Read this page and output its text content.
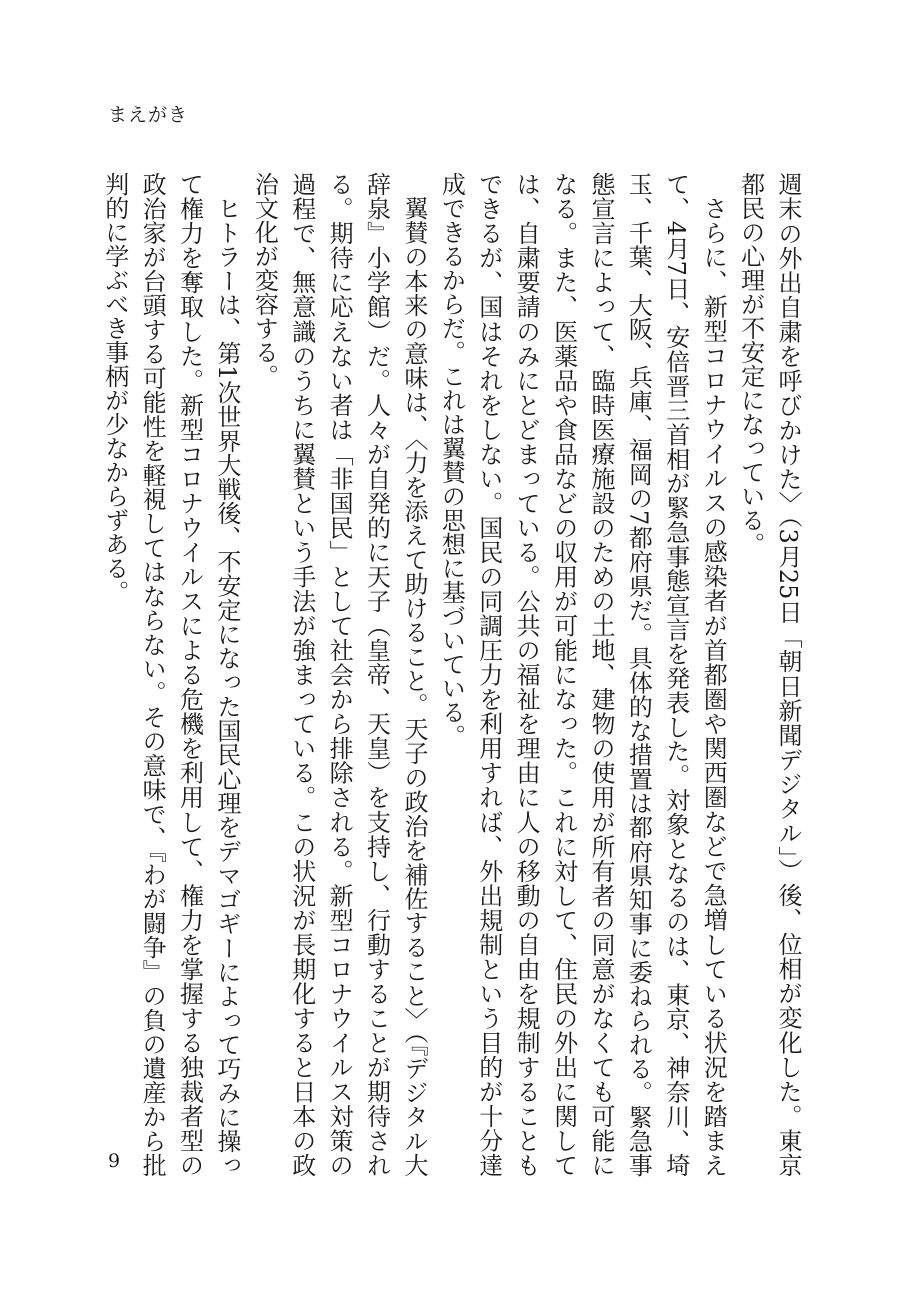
まえがき

週末の外出自粛を呼びかけた〉（3月25日「朝日新聞デジタル」）後、位相が変化した。東京都民の心理が不安定になっている。

さらに、新型コロナウイルスの感染者が首都圏や関西圏などで急増している状況を踏まえて、4月7日、安倍晋三首相が緊急事態宣言を発表した。対象となるのは、東京、神奈川、埼玉、千葉、大阪、兵庫、福岡の7都府県だ。具体的な措置は都府県知事に委ねられる。緊急事態宣言によって、臨時医療施設のための土地、建物の使用が所有者の同意がなくても可能になる。また、医薬品や食品などの収用が可能になった。これに対して、住民の外出に関しては、自粛要請のみにとどまっている。公共の福祉を理由に人の移動の自由を規制することもできるが、国はそれをしない。国民の同調圧力を利用すれば、外出規制という目的が十分達成できるからだ。これは翼賛の思想に基づいている。

翼賛の本来の意味は、〈力を添えて助けること。天子の政治を補佐すること〉（『デジタル大辞泉』小学館）だ。人々が自発的に天子（皇帝、天皇）を支持し、行動することが期待される。期待に応えない者は「非国民」として社会から排除される。新型コロナウイルス対策の過程で、無意識のうちに翼賛という手法が強まっている。この状況が長期化すると日本の政治文化が変容する。

ヒトラーは、第1次世界大戦後、不安定になった国民心理をデマゴギーによって巧みに操って権力を奪取した。新型コロナウイルスによる危機を利用して、権力を掌握する独裁者型の政治家が台頭する可能性を軽視してはならない。その意味で、『わが闘争』の負の遺産から批判的に学ぶべき事柄が少なからずある。

9
